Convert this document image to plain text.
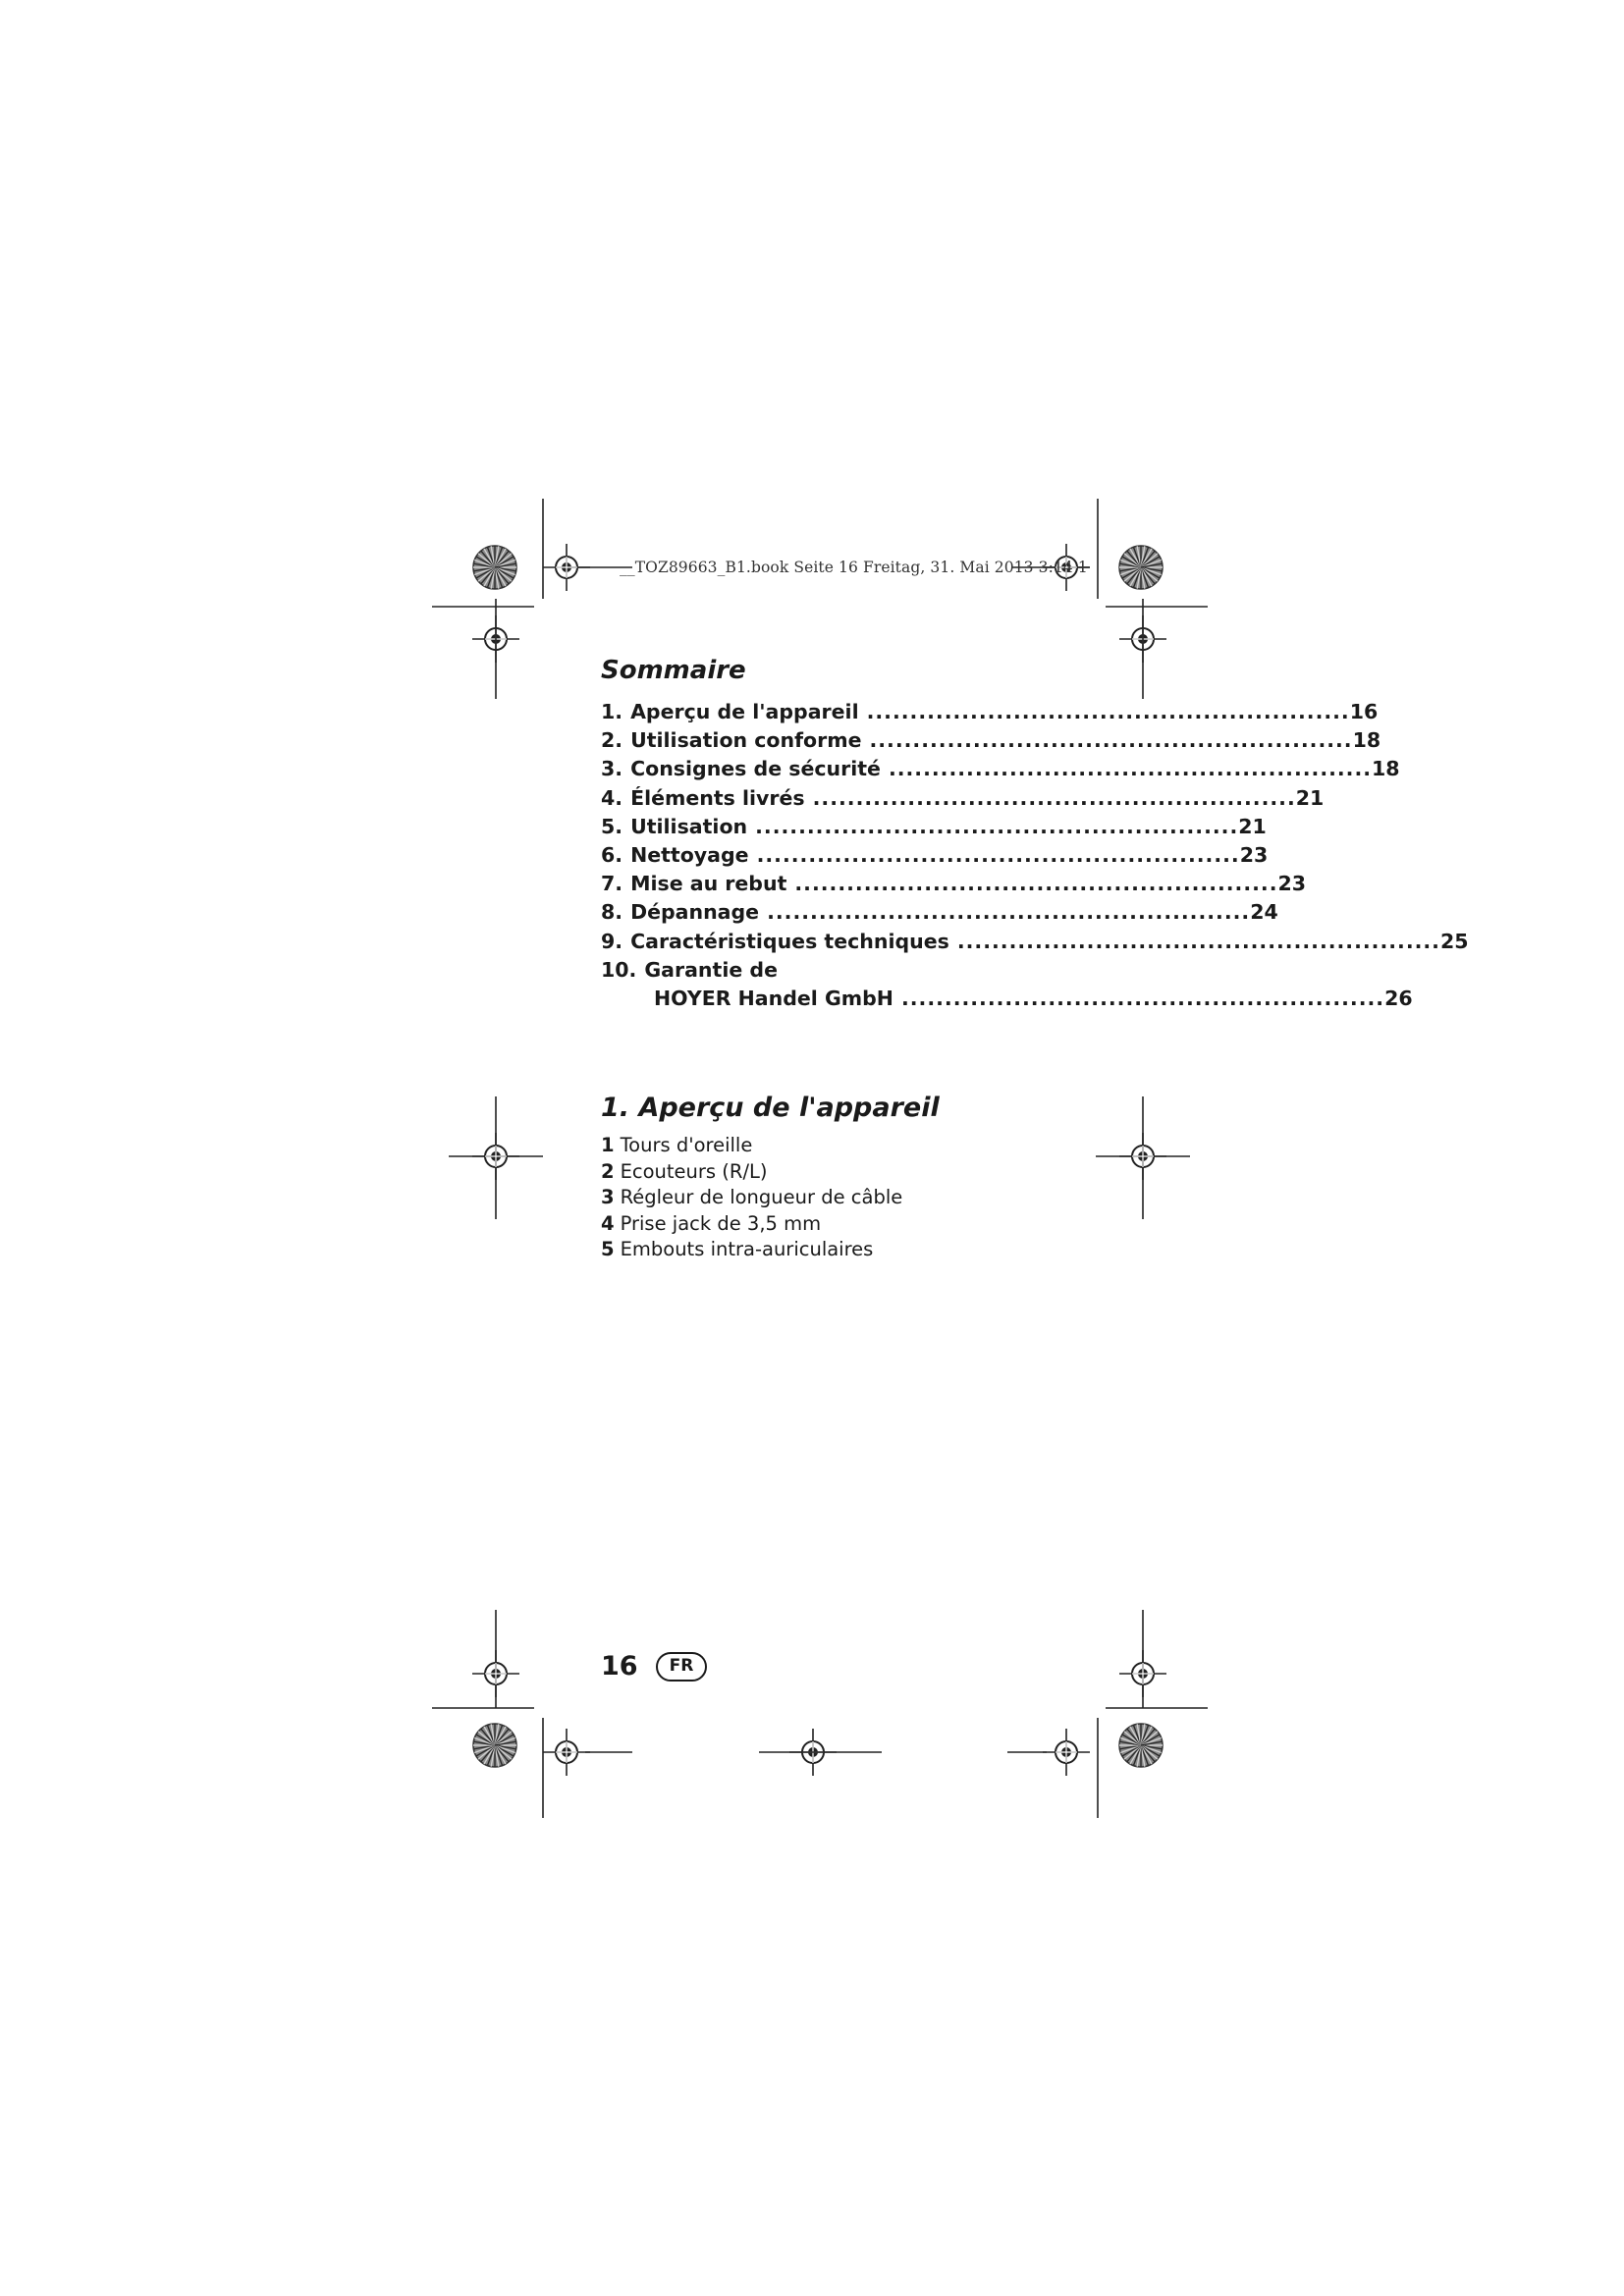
__TOZ89663_B1.book Seite 16 Freitag, 31. Mai 2013 3:14 1
Sommaire
1. Aperçu de l'appareil ........................................................ 16
2. Utilisation conforme ........................................................ 18
3. Consignes de sécurité ........................................................ 18
4. Éléments livrés ........................................................ 21
5. Utilisation ........................................................ 21
6. Nettoyage ........................................................ 23
7. Mise au rebut ........................................................ 23
8. Dépannage ........................................................ 24
9. Caractéristiques techniques ........................................................ 25
10. Garantie de
HOYER Handel GmbH ........................................................ 26
1. Aperçu de l'appareil
1 Tours d'oreille
2 Ecouteurs (R/L)
3 Régleur de longueur de câble
4 Prise jack de 3,5 mm
5 Embouts intra-auriculaires
16	FR
